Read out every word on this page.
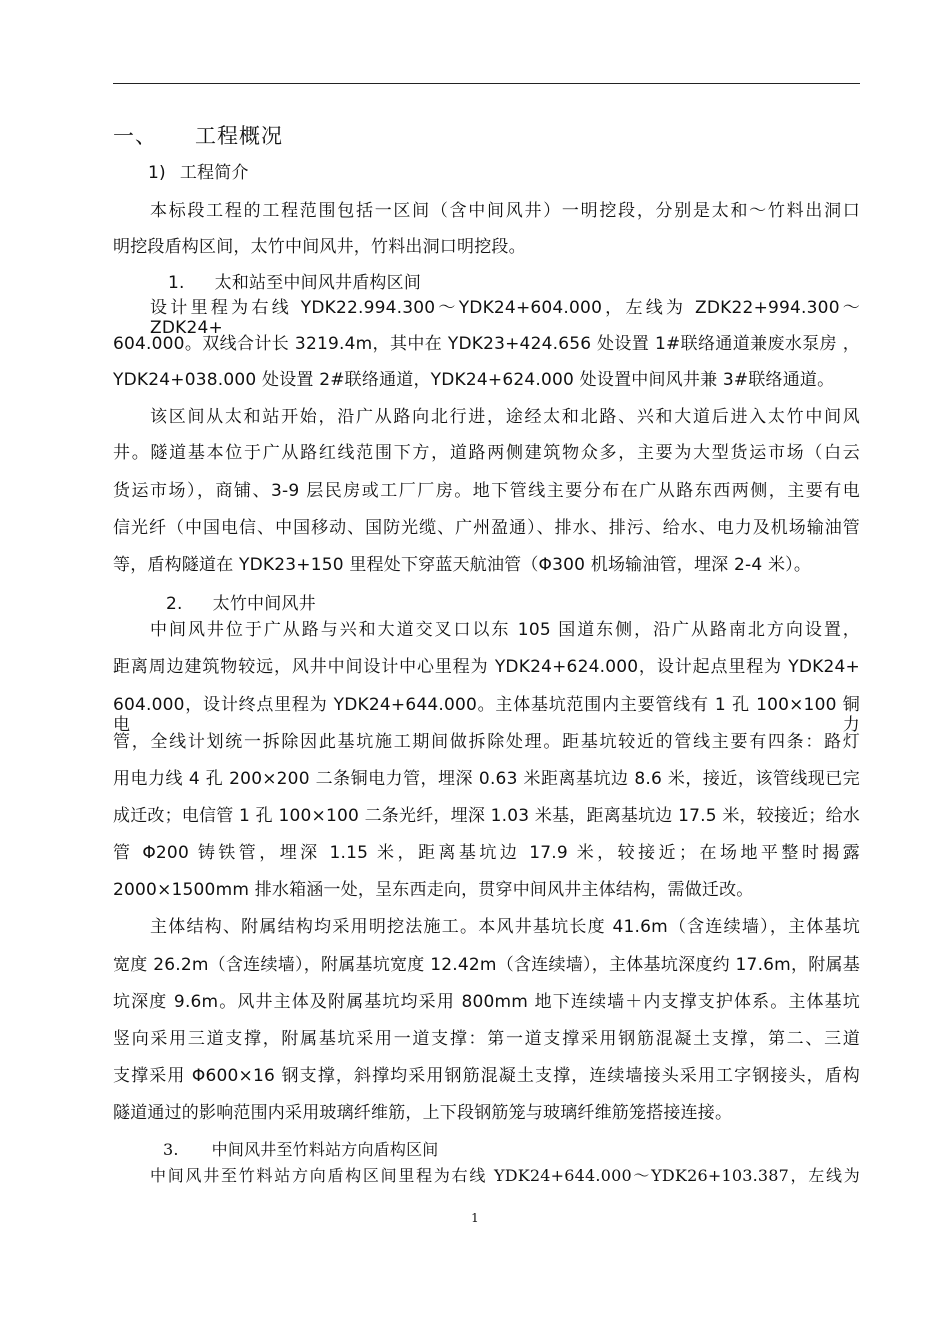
一、 工程概况
1) 工程简介
本标段工程的工程范围包括一区间（含中间风井）一明挖段，分别是太和～竹料出洞口
明挖段盾构区间，太竹中间风井，竹料出洞口明挖段。
1. 太和站至中间风井盾构区间
设计里程为右线 YDK22.994.300～YDK24+604.000，左线为 ZDK22+994.300～ZDK24+
604.000。双线合计长 3219.4m，其中在 YDK23+424.656 处设置 1#联络通道兼废水泵房 ，
YDK24+038.000 处设置 2#联络通道，YDK24+624.000 处设置中间风井兼 3#联络通道。
该区间从太和站开始，沿广从路向北行进，途经太和北路、兴和大道后进入太竹中间风
井。隧道基本位于广从路红线范围下方，道路两侧建筑物众多，主要为大型货运市场（白云
货运市场），商铺、3-9 层民房或工厂厂房。地下管线主要分布在广从路东西两侧，主要有电
信光纤（中国电信、中国移动、国防光缆、广州盈通）、排水、排污、给水、电力及机场输油管
等，盾构隧道在 YDK23+150 里程处下穿蓝天航油管（Φ300 机场输油管，埋深 2-4 米）。
2. 太竹中间风井
中间风井位于广从路与兴和大道交叉口以东 105 国道东侧，沿广从路南北方向设置，
距离周边建筑物较远，风井中间设计中心里程为 YDK24+624.000，设计起点里程为 YDK24+
604.000，设计终点里程为 YDK24+644.000。主体基坑范围内主要管线有 1 孔 100×100 铜电力
管，全线计划统一拆除因此基坑施工期间做拆除处理。距基坑较近的管线主要有四条：路灯
用电力线 4 孔 200×200 二条铜电力管，埋深 0.63 米距离基坑边 8.6 米，接近，该管线现已完
成迁改；电信管 1 孔 100×100 二条光纤，埋深 1.03 米基，距离基坑边 17.5 米，较接近；给水
管 Φ200 铸铁管，埋深 1.15 米，距离基坑边 17.9 米，较接近；在场地平整时揭露
2000×1500mm 排水箱涵一处，呈东西走向，贯穿中间风井主体结构，需做迁改。
主体结构、附属结构均采用明挖法施工。本风井基坑长度 41.6m（含连续墙），主体基坑
宽度 26.2m（含连续墙），附属基坑宽度 12.42m（含连续墙），主体基坑深度约 17.6m，附属基
坑深度 9.6m。风井主体及附属基坑均采用 800mm 地下连续墙＋内支撑支护体系。主体基坑
竖向采用三道支撑，附属基坑采用一道支撑：第一道支撑采用钢筋混凝土支撑，第二、三道
支撑采用 Φ600×16 钢支撑，斜撑均采用钢筋混凝土支撑，连续墙接头采用工字钢接头，盾构
隧道通过的影响范围内采用玻璃纤维筋，上下段钢筋笼与玻璃纤维筋笼搭接连接。
3. 中间风井至竹料站方向盾构区间
中间风井至竹料站方向盾构区间里程为右线 YDK24+644.000～YDK26+103.387，左线为
1
